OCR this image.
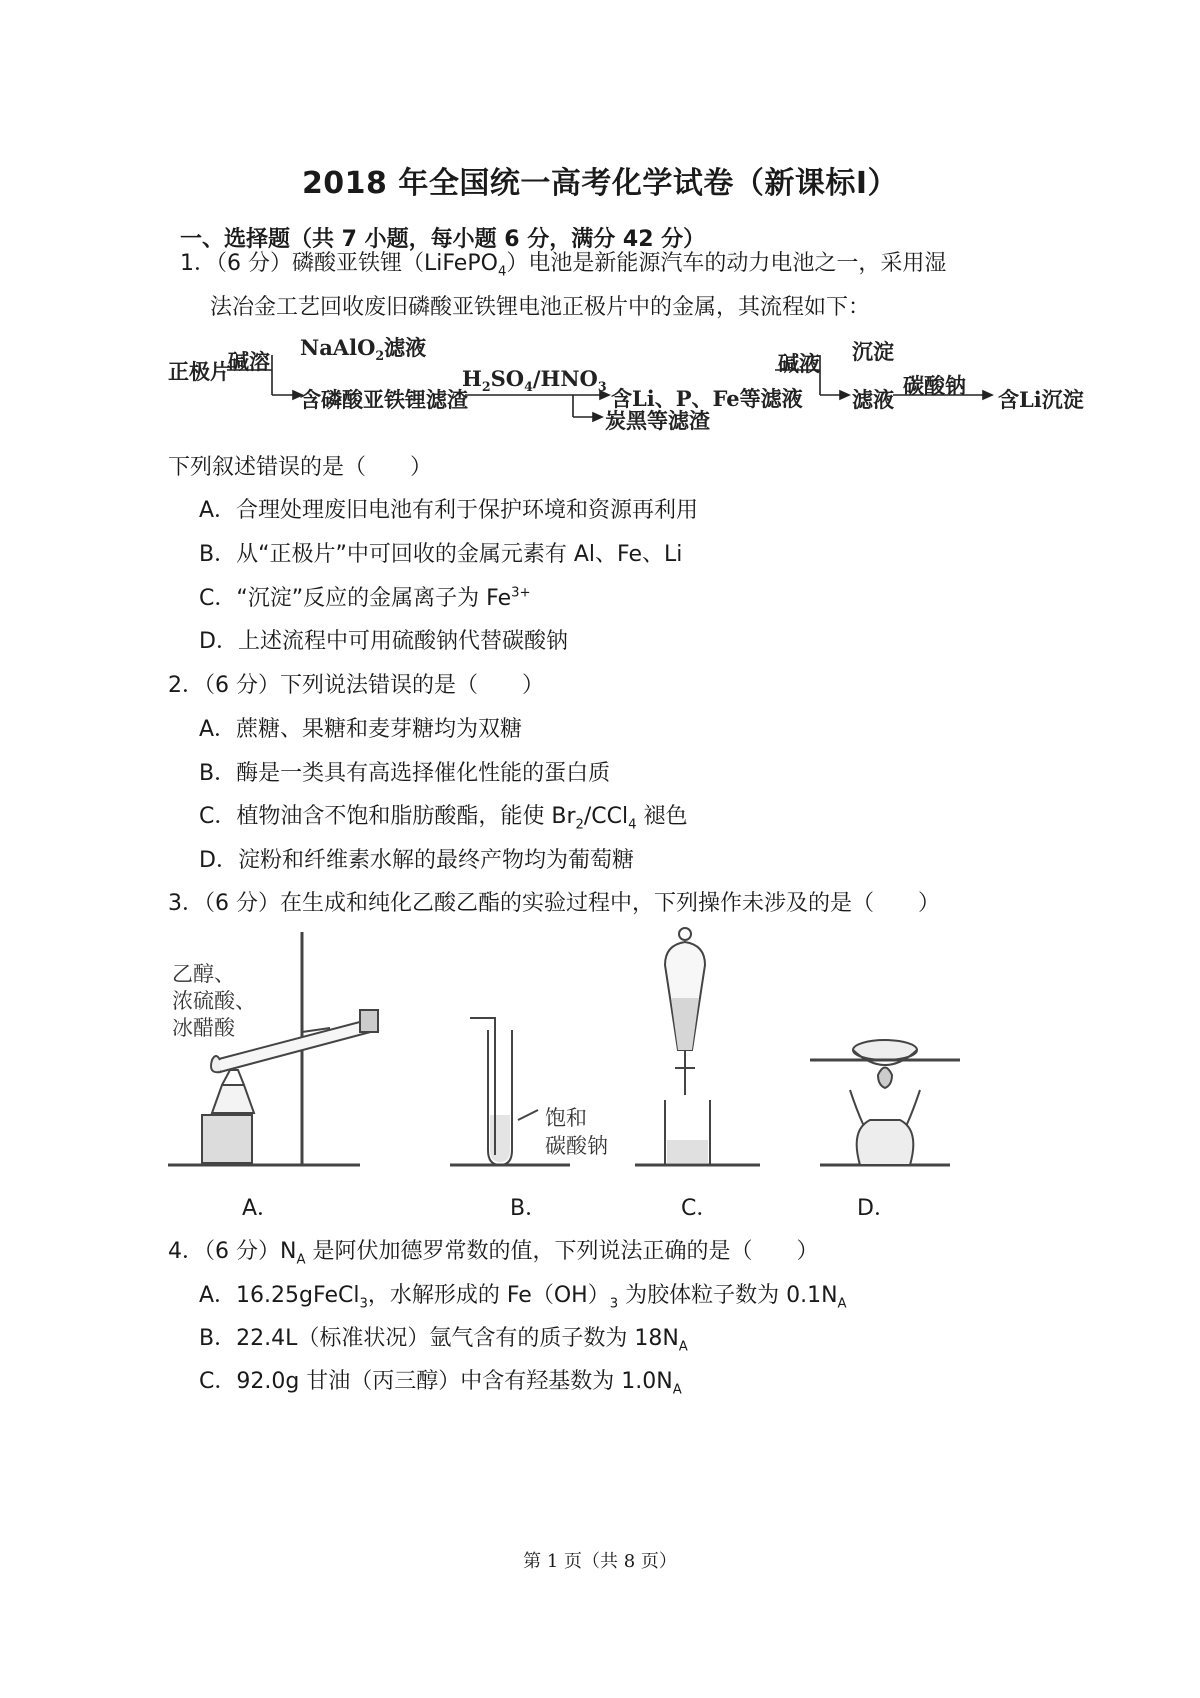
2018 年全国统一高考化学试卷（新课标Ⅰ）
一、选择题（共 7 小题，每小题 6 分，满分 42 分）
1．（6 分）磷酸亚铁锂（LiFePO$_4$）电池是新能源汽车的动力电池之一，采用湿
法冶金工艺回收废旧磷酸亚铁锂电池正极片中的金属，其流程如下：
正极片
碱溶
NaAlO$_2$滤液
含磷酸亚铁锂滤渣
$H_2SO_4/HNO_3$ 含Li、P、Fe等滤液
炭黑等滤渣
碱液 沉淀
滤液
碳酸钠
含Li沉淀
下列叙述错误的是（　　）
A．合理处理废旧电池有利于保护环境和资源再利用
B．从“正极片”中可回收的金属元素有 Al、Fe、Li
C．“沉淀”反应的金属离子为 $Fe^{3+}$
D．上述流程中可用硫酸钠代替碳酸钠
2．（6 分）下列说法错误的是（　　）
A．蔗糖、果糖和麦芽糖均为双糖
B．酶是一类具有高选择催化性能的蛋白质
C．植物油含不饱和脂肪酸酯，能使 $Br_2/CCl_4$ 褪色
D．淀粉和纤维素水解的最终产物均为葡萄糖
3．（6 分）在生成和纯化乙酸乙酯的实验过程中，下列操作未涉及的是（　　）
乙醇、
浓硫酸、
冰醋酸
饱和
碳酸钠
A．	B．	C．	D．
4．（6 分）$N_A$ 是阿伏加德罗常数的值，下列说法正确的是（　　）
A．16.25gFeCl$_3$，水解形成的 $Fe(OH)_3$ 为胶体粒子数为 $0.1N_A$
B．22.4L（标准状况）氩气含有的质子数为 $18N_A$
C．92.0g 甘油（丙三醇）中含有羟基数为 $1.0N_A$
第 1 页（共 8 页）
